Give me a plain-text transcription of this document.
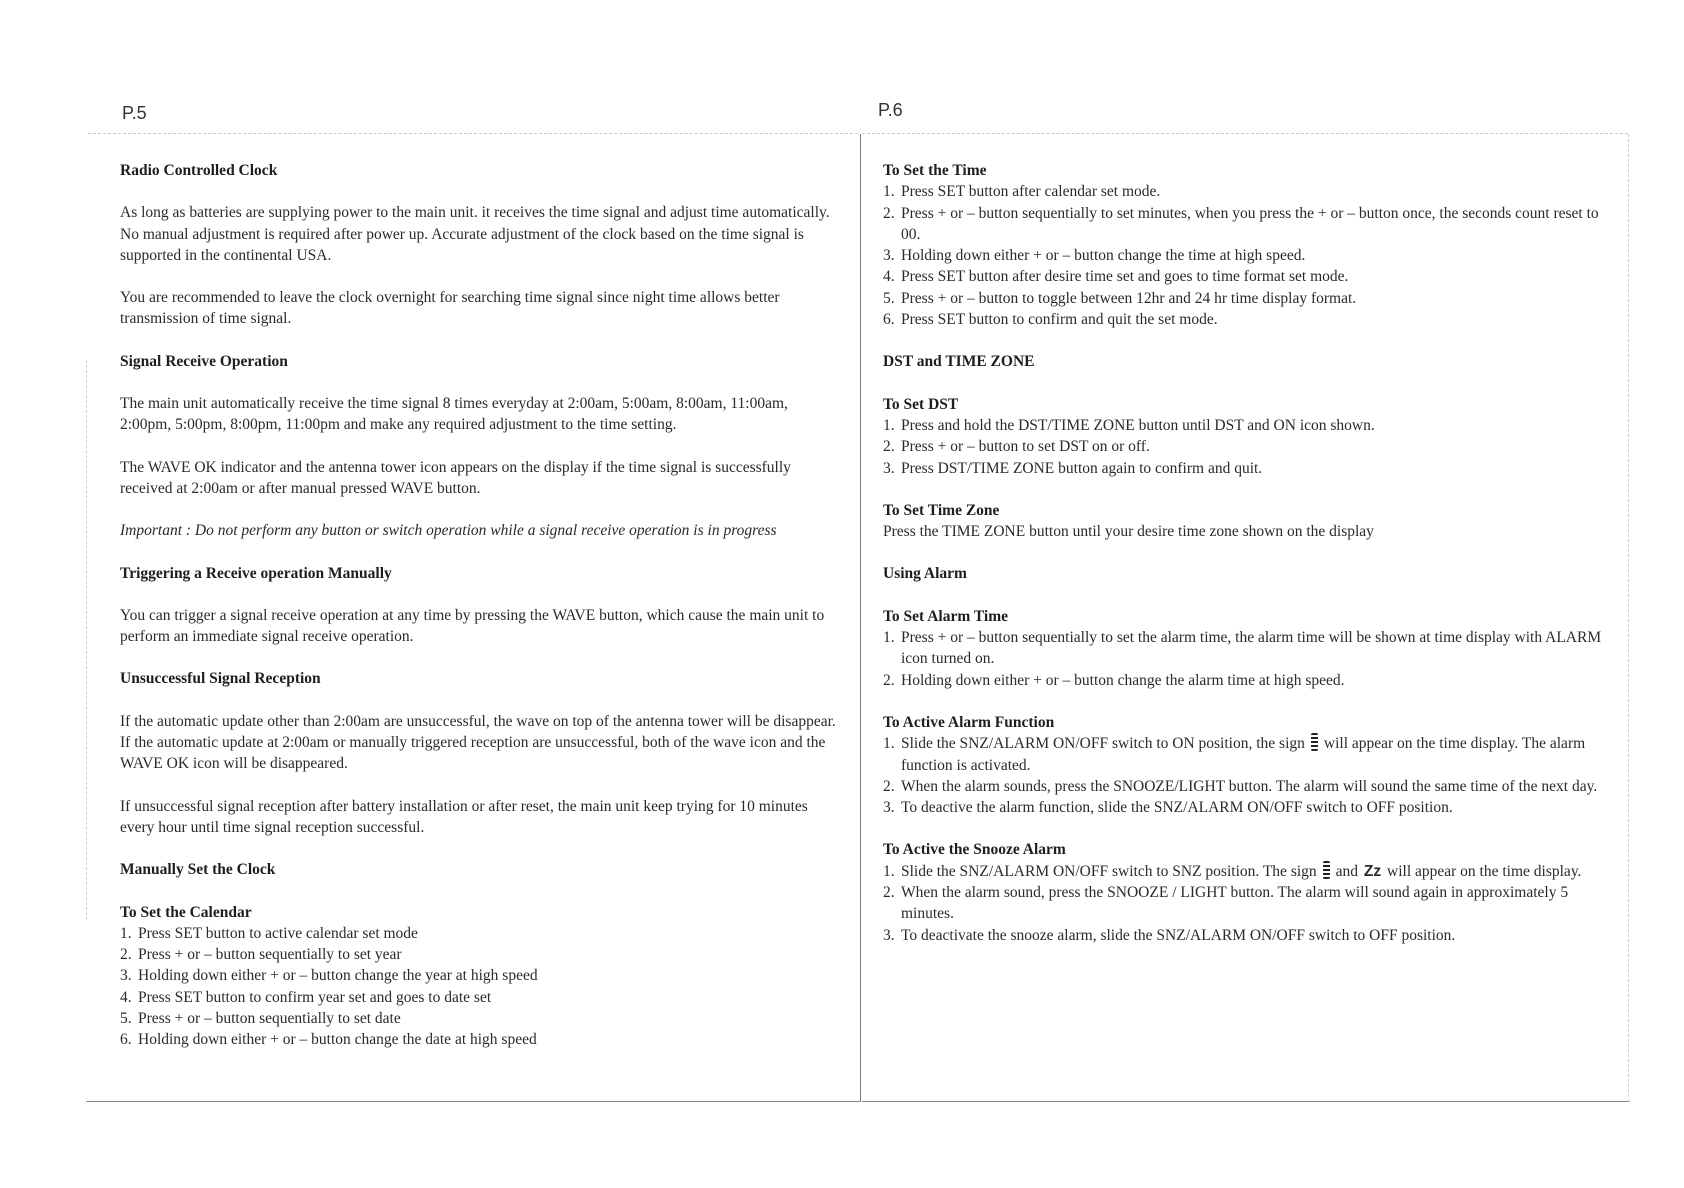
P.5	P.6

Radio Controlled Clock

As long as batteries are supplying power to the main unit. it receives the time signal and adjust time automatically. No manual adjustment is required after power up. Accurate adjustment of the clock based on the time signal is supported in the continental USA.

You are recommended to leave the clock overnight for searching time signal since night time allows better transmission of time signal.

Signal Receive Operation

The main unit automatically receive the time signal 8 times everyday at 2:00am, 5:00am, 8:00am, 11:00am, 2:00pm, 5:00pm, 8:00pm, 11:00pm and make any required adjustment to the time setting.

The WAVE OK indicator and the antenna tower icon appears on the display if the time signal is successfully received at 2:00am or after manual pressed WAVE button.

Important : Do not perform any button or switch operation while a signal receive operation is in progress

Triggering a Receive operation Manually

You can trigger a signal receive operation at any time by pressing the WAVE button, which cause the main unit to perform an immediate signal receive operation.

Unsuccessful Signal Reception

If the automatic update other than 2:00am are unsuccessful, the wave on top of the antenna tower will be disappear. If the automatic update at 2:00am or manually triggered reception are unsuccessful, both of the wave icon and the WAVE OK icon will be disappeared.

If unsuccessful signal reception after battery installation or after reset, the main unit keep trying for 10 minutes every hour until time signal reception successful.

Manually Set the Clock

To Set the Calendar

1. Press SET button to active calendar set mode
2. Press + or – button sequentially to set year
3. Holding down either + or – button change the year at high speed
4. Press SET button to confirm year set and goes to date set
5. Press + or – button sequentially to set date
6. Holding down either + or – button change the date at high speed

To Set the Time

1. Press SET button after calendar set mode.
2. Press + or – button sequentially to set minutes, when you press the + or – button once, the seconds count reset to 00.
3. Holding down either + or – button change the time at high speed.
4. Press SET button after desire time set and goes to time format set mode.
5. Press + or – button to toggle between 12hr and 24 hr time display format.
6. Press SET button to confirm and quit the set mode.

DST and TIME ZONE

To Set DST

1. Press and hold the DST/TIME ZONE button until DST and ON icon shown.
2. Press + or – button to set DST on or off.
3. Press DST/TIME ZONE button again to confirm and quit.

To Set Time Zone

Press the TIME ZONE button until your desire time zone shown on the display

Using Alarm

To Set Alarm Time

1. Press + or – button sequentially to set the alarm time, the alarm time will be shown at time display with ALARM icon turned on.
2. Holding down either + or – button change the alarm time at high speed.

To Active Alarm Function

1. Slide the SNZ/ALARM ON/OFF switch to ON position, the sign will appear on the time display. The alarm function is activated.
2. When the alarm sounds, press the SNOOZE/LIGHT button. The alarm will sound the same time of the next day.
3. To deactive the alarm function, slide the SNZ/ALARM ON/OFF switch to OFF position.

To Active the Snooze Alarm

1. Slide the SNZ/ALARM ON/OFF switch to SNZ position. The sign and Zz will appear on the time display.
2. When the alarm sound, press the SNOOZE / LIGHT button. The alarm will sound again in approximately 5 minutes.
3. To deactivate the snooze alarm, slide the SNZ/ALARM ON/OFF switch to OFF position.
